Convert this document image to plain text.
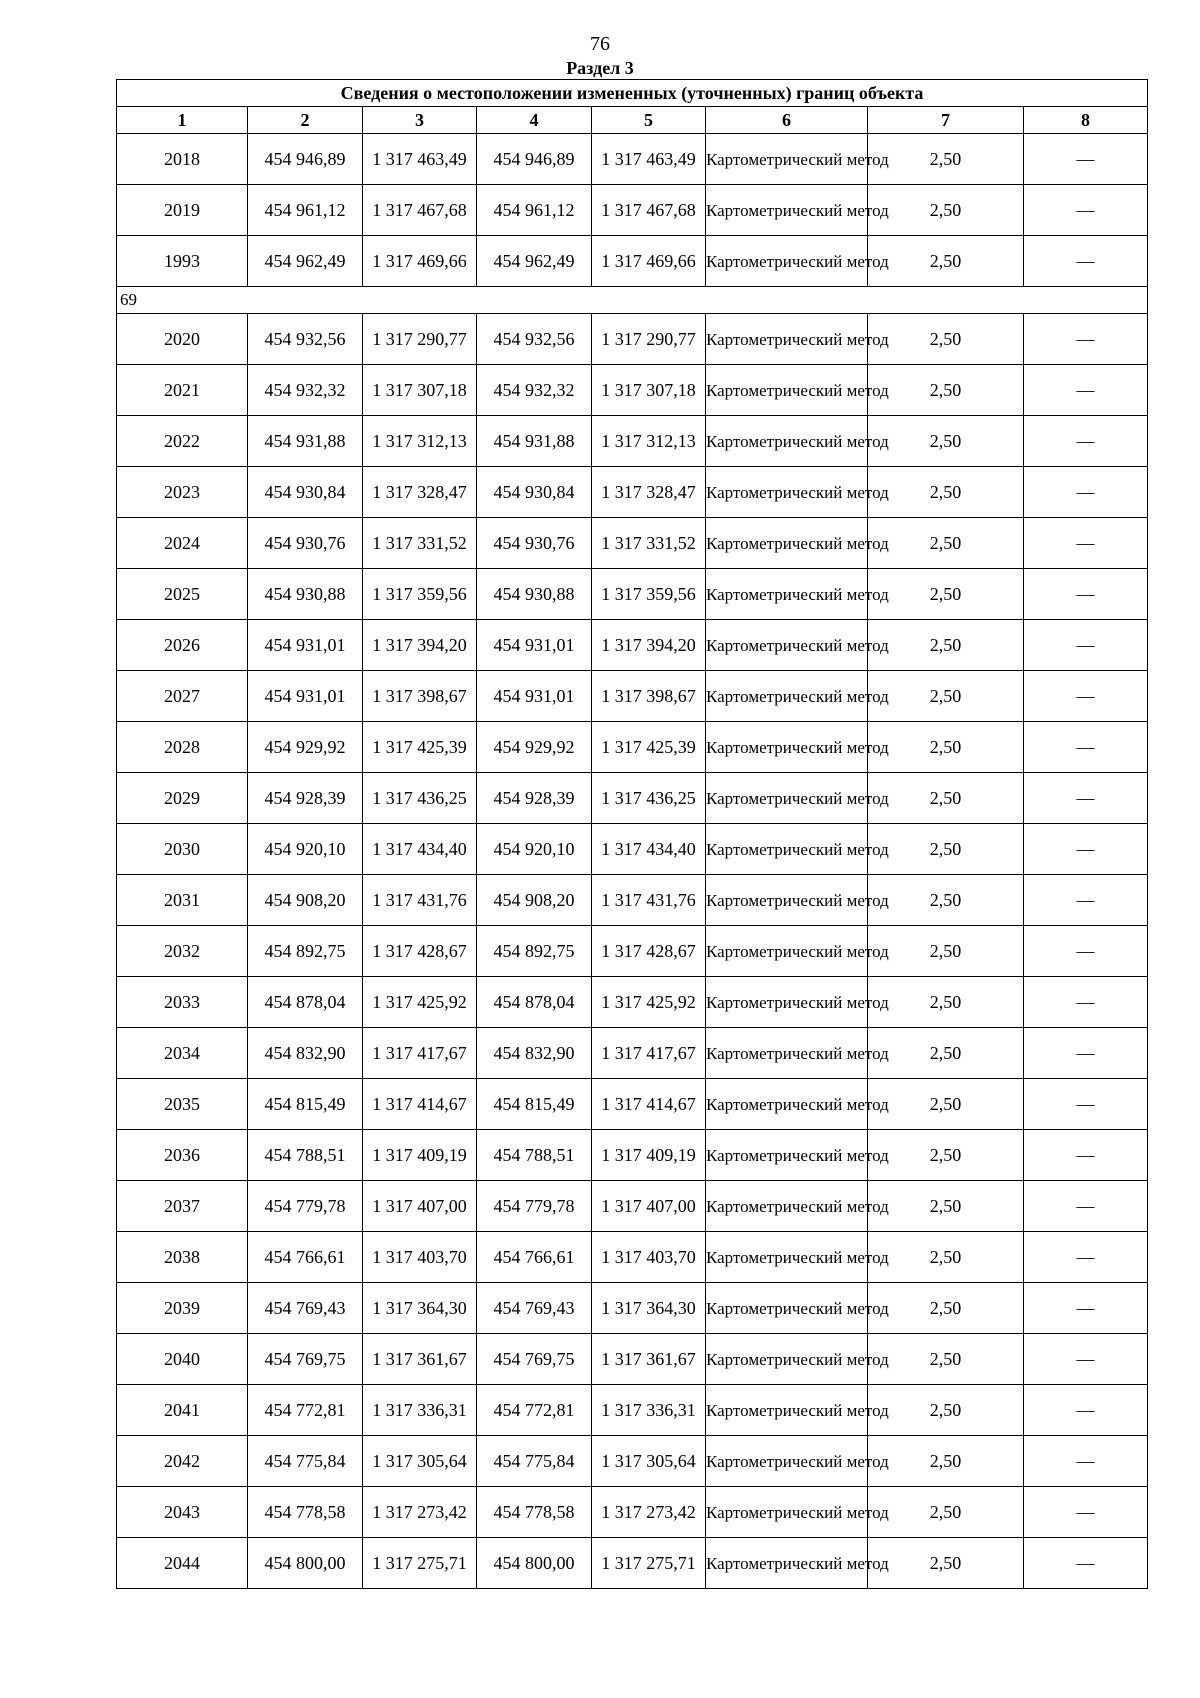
76
Раздел 3
Сведения о местоположении измененных (уточненных) границ объекта							
1	2	3	4	5	6	7	8
2018	454 946,89	1 317 463,49	454 946,89	1 317 463,49	Картометрический метод	2,50	—
2019	454 961,12	1 317 467,68	454 961,12	1 317 467,68	Картометрический метод	2,50	—
1993	454 962,49	1 317 469,66	454 962,49	1 317 469,66	Картометрический метод	2,50	—
69							
2020	454 932,56	1 317 290,77	454 932,56	1 317 290,77	Картометрический метод	2,50	—
2021	454 932,32	1 317 307,18	454 932,32	1 317 307,18	Картометрический метод	2,50	—
2022	454 931,88	1 317 312,13	454 931,88	1 317 312,13	Картометрический метод	2,50	—
2023	454 930,84	1 317 328,47	454 930,84	1 317 328,47	Картометрический метод	2,50	—
2024	454 930,76	1 317 331,52	454 930,76	1 317 331,52	Картометрический метод	2,50	—
2025	454 930,88	1 317 359,56	454 930,88	1 317 359,56	Картометрический метод	2,50	—
2026	454 931,01	1 317 394,20	454 931,01	1 317 394,20	Картометрический метод	2,50	—
2027	454 931,01	1 317 398,67	454 931,01	1 317 398,67	Картометрический метод	2,50	—
2028	454 929,92	1 317 425,39	454 929,92	1 317 425,39	Картометрический метод	2,50	—
2029	454 928,39	1 317 436,25	454 928,39	1 317 436,25	Картометрический метод	2,50	—
2030	454 920,10	1 317 434,40	454 920,10	1 317 434,40	Картометрический метод	2,50	—
2031	454 908,20	1 317 431,76	454 908,20	1 317 431,76	Картометрический метод	2,50	—
2032	454 892,75	1 317 428,67	454 892,75	1 317 428,67	Картометрический метод	2,50	—
2033	454 878,04	1 317 425,92	454 878,04	1 317 425,92	Картометрический метод	2,50	—
2034	454 832,90	1 317 417,67	454 832,90	1 317 417,67	Картометрический метод	2,50	—
2035	454 815,49	1 317 414,67	454 815,49	1 317 414,67	Картометрический метод	2,50	—
2036	454 788,51	1 317 409,19	454 788,51	1 317 409,19	Картометрический метод	2,50	—
2037	454 779,78	1 317 407,00	454 779,78	1 317 407,00	Картометрический метод	2,50	—
2038	454 766,61	1 317 403,70	454 766,61	1 317 403,70	Картометрический метод	2,50	—
2039	454 769,43	1 317 364,30	454 769,43	1 317 364,30	Картометрический метод	2,50	—
2040	454 769,75	1 317 361,67	454 769,75	1 317 361,67	Картометрический метод	2,50	—
2041	454 772,81	1 317 336,31	454 772,81	1 317 336,31	Картометрический метод	2,50	—
2042	454 775,84	1 317 305,64	454 775,84	1 317 305,64	Картометрический метод	2,50	—
2043	454 778,58	1 317 273,42	454 778,58	1 317 273,42	Картометрический метод	2,50	—
2044	454 800,00	1 317 275,71	454 800,00	1 317 275,71	Картометрический метод	2,50	—
